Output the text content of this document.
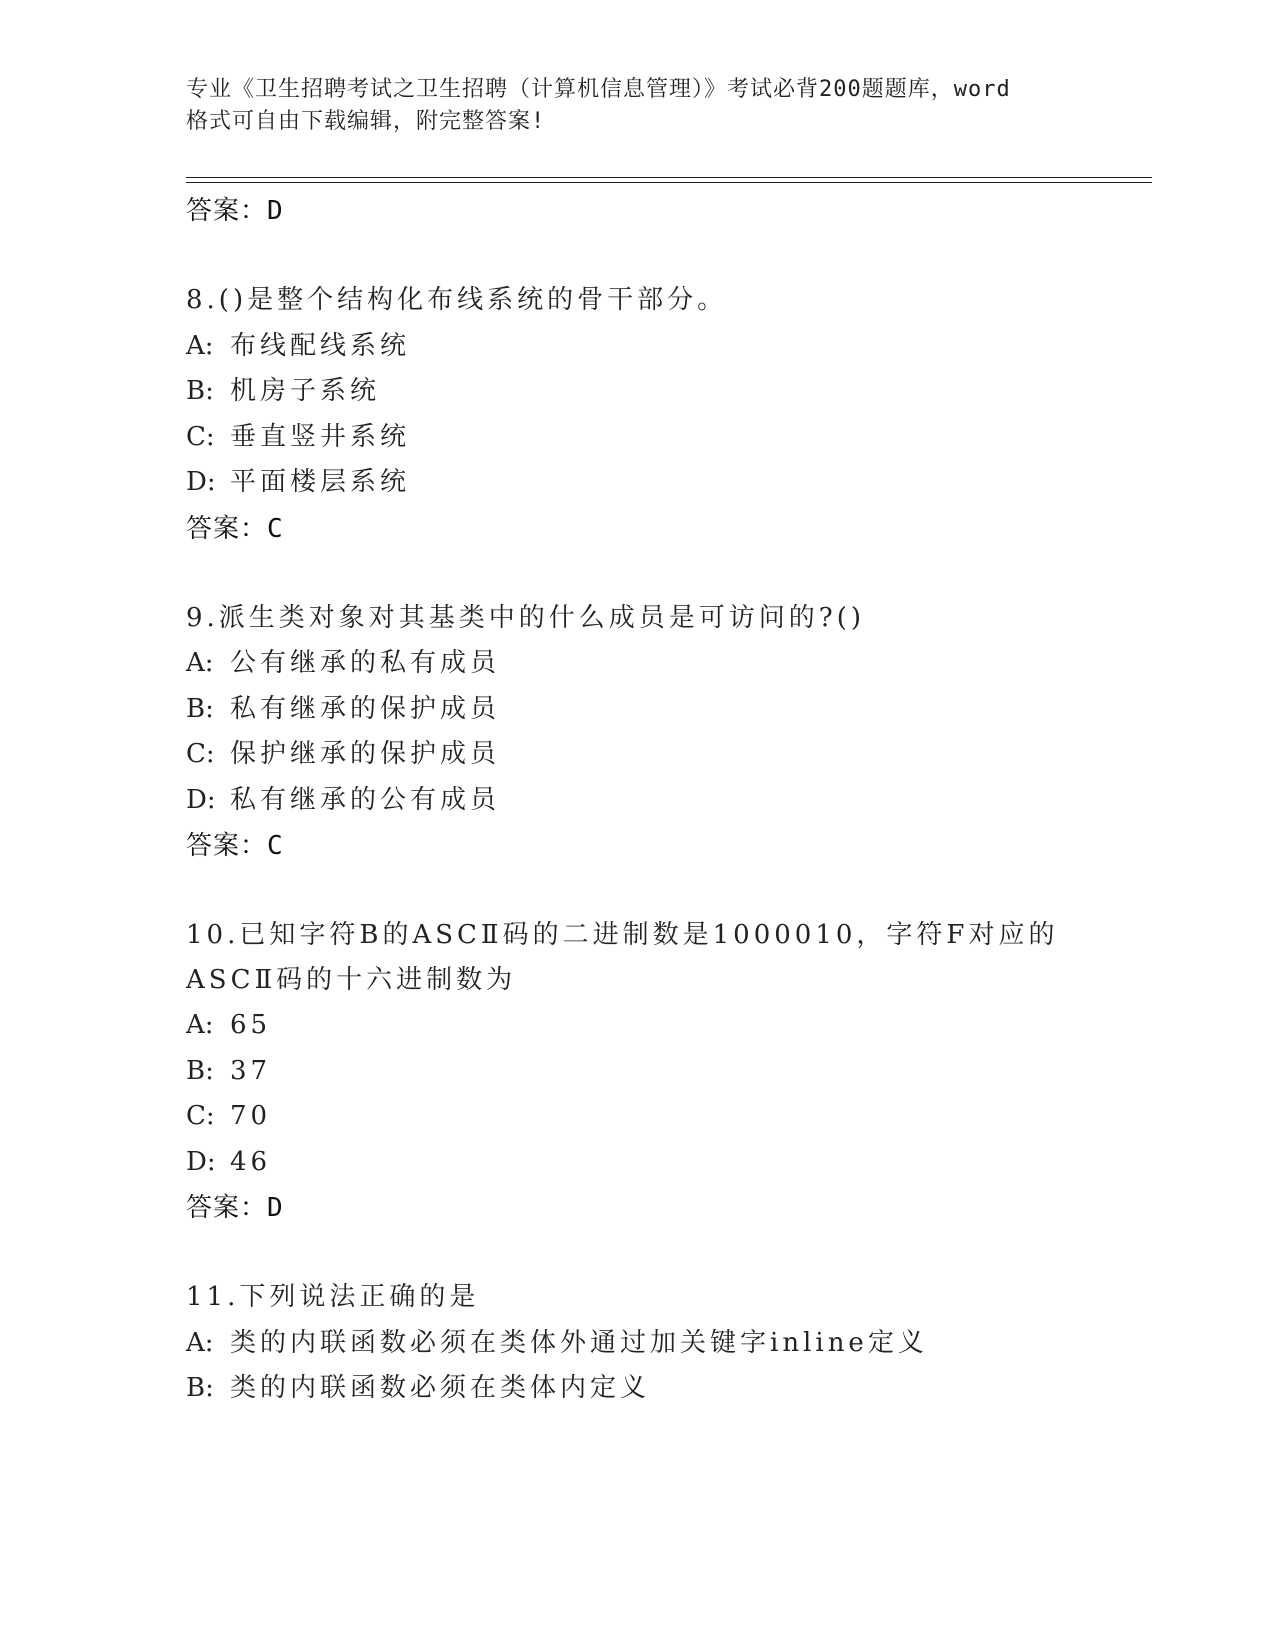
专业《卫生招聘考试之卫生招聘（计算机信息管理）》考试必背200题题库，word
格式可自由下载编辑，附完整答案!
答案：D
8.()是整个结构化布线系统的骨干部分。
A: 布线配线系统
B: 机房子系统
C: 垂直竖井系统
D: 平面楼层系统
答案：C
9.派生类对象对其基类中的什么成员是可访问的?()
A: 公有继承的私有成员
B: 私有继承的保护成员
C: 保护继承的保护成员
D: 私有继承的公有成员
答案：C
10.已知字符B的ASCⅡ码的二进制数是1000010，字符F对应的ASCⅡ码的十六进制数为
A: 65
B: 37
C: 70
D: 46
答案：D
11.下列说法正确的是
A: 类的内联函数必须在类体外通过加关键字inline定义
B: 类的内联函数必须在类体内定义
